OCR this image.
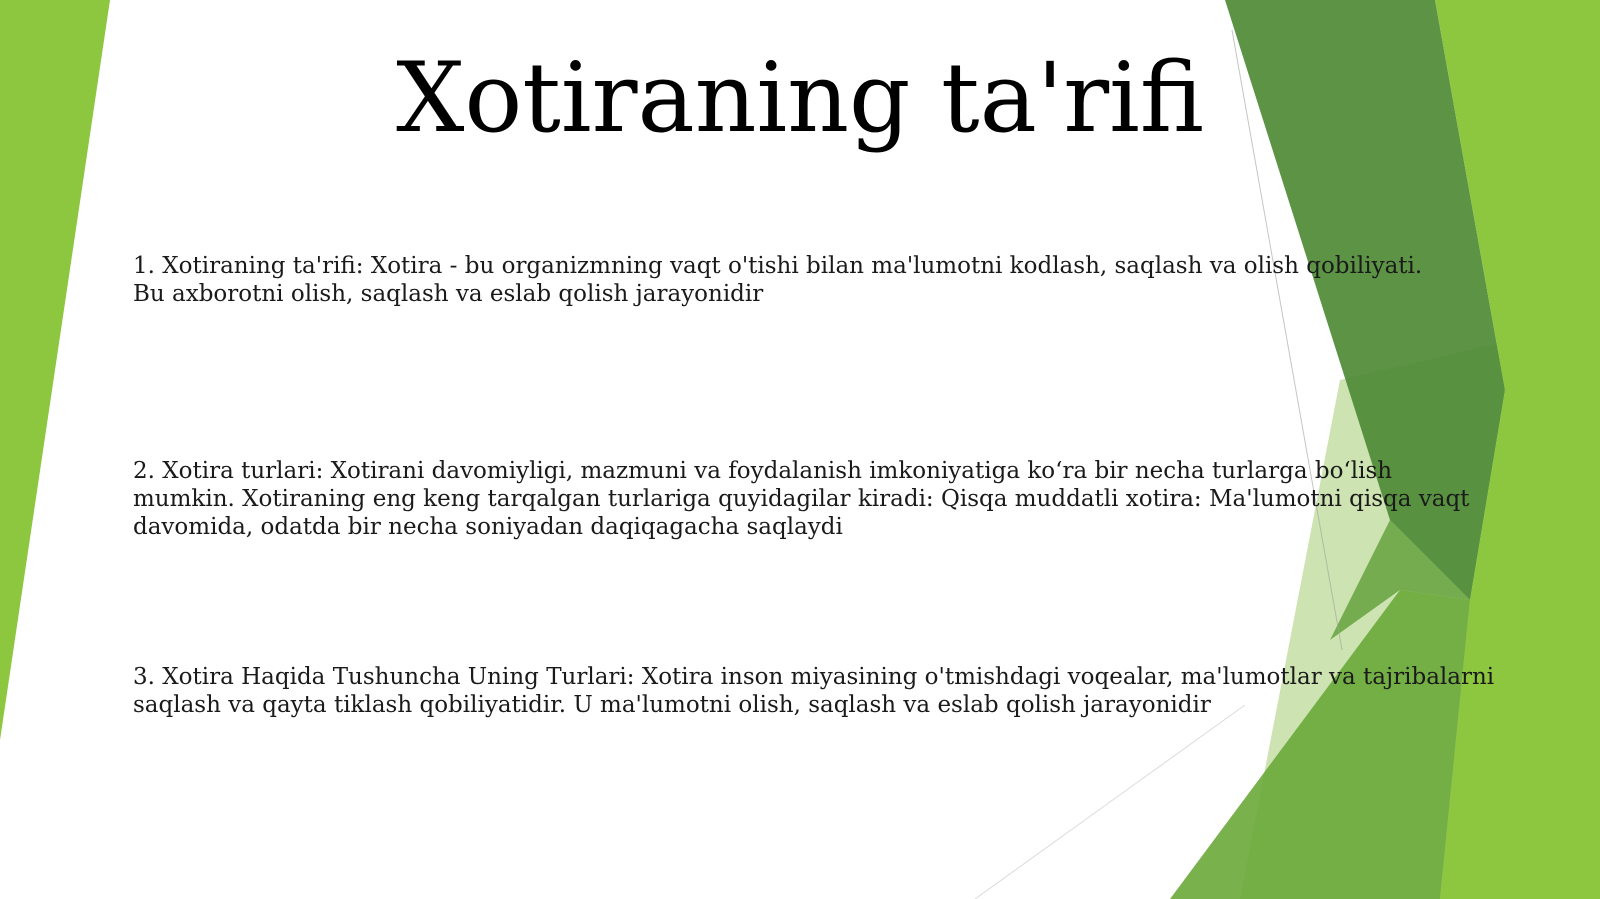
Xotiraning ta'rifi

1. Xotiraning ta'rifi: Xotira - bu organizmning vaqt o'tishi bilan ma'lumotni kodlash, saqlash va olish qobiliyati. Bu axborotni olish, saqlash va eslab qolish jarayonidir

2. Xotira turlari: Xotirani davomiyligi, mazmuni va foydalanish imkoniyatiga koʻra bir necha turlarga boʻlish mumkin. Xotiraning eng keng tarqalgan turlariga quyidagilar kiradi: Qisqa muddatli xotira: Ma'lumotni qisqa vaqt davomida, odatda bir necha soniyadan daqiqagacha saqlaydi

3. Xotira Haqida Tushuncha Uning Turlari: Xotira inson miyasining o'tmishdagi voqealar, ma'lumotlar va tajribalarni saqlash va qayta tiklash qobiliyatidir. U ma'lumotni olish, saqlash va eslab qolish jarayonidir
